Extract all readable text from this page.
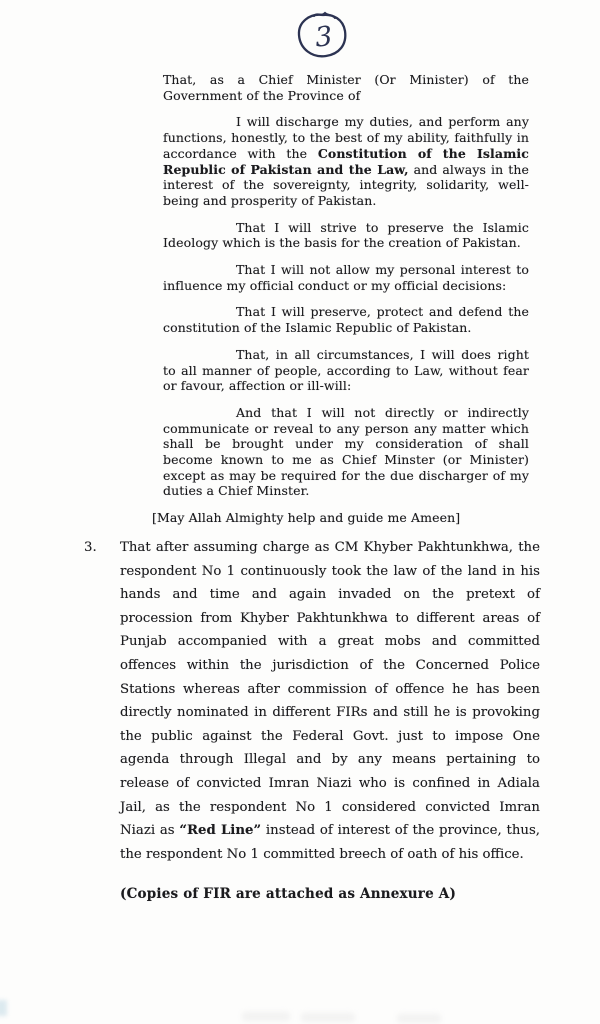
3

That, as a Chief Minister (Or Minister) of the Government of the Province of

I will discharge my duties, and perform any functions, honestly, to the best of my ability, faithfully in accordance with the Constitution of the Islamic Republic of Pakistan and the Law, and always in the interest of the sovereignty, integrity, solidarity, well-being and prosperity of Pakistan.

That I will strive to preserve the Islamic Ideology which is the basis for the creation of Pakistan.

That I will not allow my personal interest to influence my official conduct or my official decisions:

That I will preserve, protect and defend the constitution of the Islamic Republic of Pakistan.

That, in all circumstances, I will does right to all manner of people, according to Law, without fear or favour, affection or ill-will:

And that I will not directly or indirectly communicate or reveal to any person any matter which shall be brought under my consideration of shall become known to me as Chief Minster (or Minister) except as may be required for the due discharger of my duties a Chief Minster.

[May Allah Almighty help and guide me Ameen]

3.	That after assuming charge as CM Khyber Pakhtunkhwa, the respondent No 1 continuously took the law of the land in his hands and time and again invaded on the pretext of procession from Khyber Pakhtunkhwa to different areas of Punjab accompanied with a great mobs and committed offences within the jurisdiction of the Concerned Police Stations whereas after commission of offence he has been directly nominated in different FIRs and still he is provoking the public against the Federal Govt. just to impose One agenda through Illegal and by any means pertaining to release of convicted Imran Niazi who is confined in Adiala Jail, as the respondent No 1 considered convicted Imran Niazi as “Red Line” instead of interest of the province, thus, the respondent No 1 committed breech of oath of his office.
(Copies of FIR are attached as Annexure A)
